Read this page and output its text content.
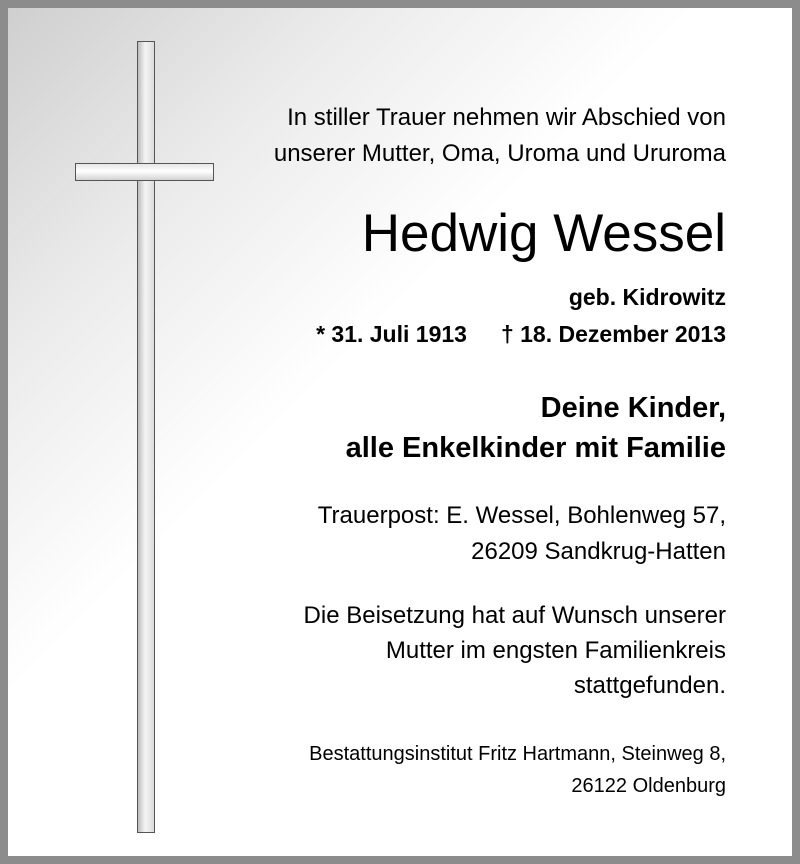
In stiller Trauer nehmen wir Abschied von
unserer Mutter, Oma, Uroma und Ururoma
Hedwig Wessel
geb. Kidrowitz
* 31. Juli 1913 † 18. Dezember 2013
Deine Kinder,
alle Enkelkinder mit Familie
Trauerpost: E. Wessel, Bohlenweg 57,
26209 Sandkrug-Hatten
Die Beisetzung hat auf Wunsch unserer
Mutter im engsten Familienkreis
stattgefunden.
Bestattungsinstitut Fritz Hartmann, Steinweg 8,
26122 Oldenburg
